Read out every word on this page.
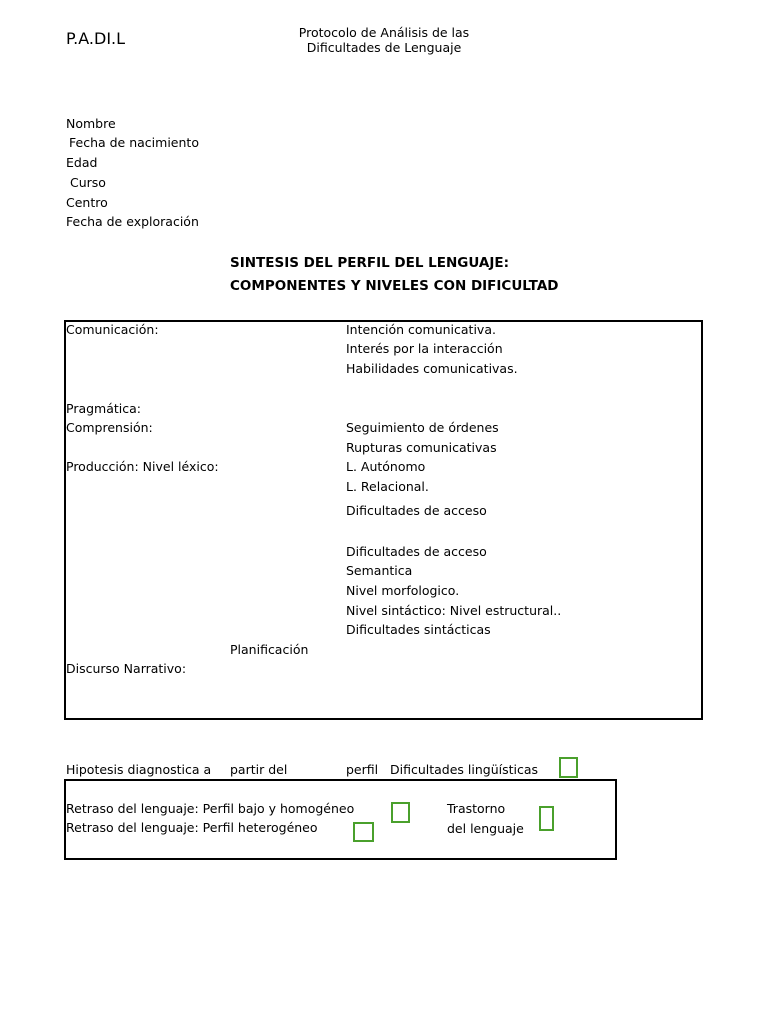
P.A.DI.L	Protocolo de Análisis de las
Dificultades de Lenguaje
Nombre
Fecha de nacimiento
Edad
Curso
Centro
Fecha de exploración
SINTESIS DEL PERFIL DEL LENGUAJE:
COMPONENTES Y NIVELES CON DIFICULTAD
Comunicación:
Pragmática:
Comprensión:
Producción: Nivel léxico:
Planificación
Discurso Narrativo:
Intención comunicativa.
Interés por la interacción
Habilidades comunicativas.
Seguimiento de órdenes
Rupturas comunicativas
L. Autónomo
L. Relacional.
Dificultades de acceso
Dificultades de acceso
Semantica
Nivel morfologico.
Nivel sintáctico: Nivel estructural..
Dificultades sintácticas
Hipotesis diagnostica a partir del	perfil Dificultades lingüísticas
Retraso del lenguaje: Perfil bajo y homogéneo
Retraso del lenguaje: Perfil heterogéneo
Trastorno
del lenguaje
